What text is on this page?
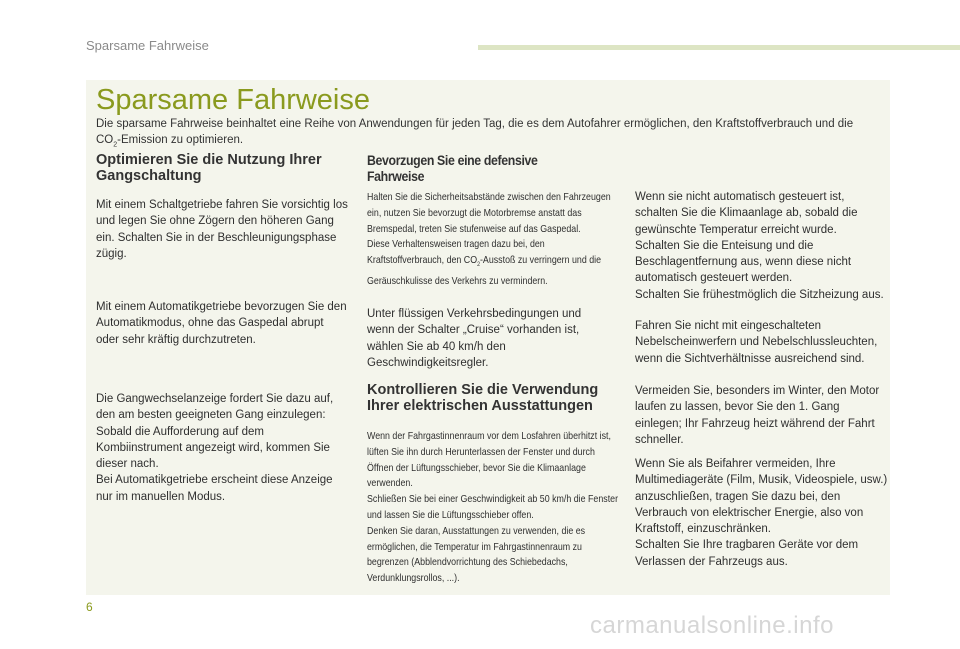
Sparsame Fahrweise
Sparsame Fahrweise
Die sparsame Fahrweise beinhaltet eine Reihe von Anwendungen für jeden Tag, die es dem Autofahrer ermöglichen, den Kraftstoffverbrauch und die $CO_2$-Emission zu optimieren.
Optimieren Sie die Nutzung Ihrer Gangschaltung
Mit einem Schaltgetriebe fahren Sie vorsichtig los und legen Sie ohne Zögern den höheren Gang ein. Schalten Sie in der Beschleunigungsphase zügig.
Mit einem Automatikgetriebe bevorzugen Sie den Automatikmodus, ohne das Gaspedal abrupt oder sehr kräftig durchzutreten.
Die Gangwechselanzeige fordert Sie dazu auf, den am besten geeigneten Gang einzulegen: Sobald die Aufforderung auf dem Kombiinstrument angezeigt wird, kommen Sie dieser nach.
Bei Automatikgetriebe erscheint diese Anzeige nur im manuellen Modus.
Bevorzugen Sie eine defensive Fahrweise
Halten Sie die Sicherheitsabstände zwischen den Fahrzeugen ein, nutzen Sie bevorzugt die Motorbremse anstatt das Bremspedal, treten Sie stufenweise auf das Gaspedal.
Diese Verhaltensweisen tragen dazu bei, den Kraftstoffverbrauch, den $CO_2$-Ausstoß zu verringern und die Geräuschkulisse des Verkehrs zu vermindern.
Unter flüssigen Verkehrsbedingungen und wenn der Schalter „Cruise“ vorhanden ist, wählen Sie ab 40 km/h den Geschwindigkeitsregler.
Kontrollieren Sie die Verwendung Ihrer elektrischen Ausstattungen
Wenn der Fahrgastinnenraum vor dem Losfahren überhitzt ist, lüften Sie ihn durch Herunterlassen der Fenster und durch Öffnen der Lüftungsschieber, bevor Sie die Klimaanlage verwenden.
Schließen Sie bei einer Geschwindigkeit ab 50 km/h die Fenster und lassen Sie die Lüftungsschieber offen.
Denken Sie daran, Ausstattungen zu verwenden, die es ermöglichen, die Temperatur im Fahrgastinnenraum zu begrenzen (Abblendvorrichtung des Schiebedachs, Verdunklungsrollos, ...).
Wenn sie nicht automatisch gesteuert ist, schalten Sie die Klimaanlage ab, sobald die gewünschte Temperatur erreicht wurde.
Schalten Sie die Enteisung und die Beschlagentfernung aus, wenn diese nicht automatisch gesteuert werden.
Schalten Sie frühestmöglich die Sitzheizung aus.
Fahren Sie nicht mit eingeschalteten Nebelscheinwerfern und Nebelschlussleuchten, wenn die Sichtverhältnisse ausreichend sind.
Vermeiden Sie, besonders im Winter, den Motor laufen zu lassen, bevor Sie den 1. Gang einlegen; Ihr Fahrzeug heizt während der Fahrt schneller.
Wenn Sie als Beifahrer vermeiden, Ihre Multimediageräte (Film, Musik, Videospiele, usw.) anzuschließen, tragen Sie dazu bei, den Verbrauch von elektrischer Energie, also von Kraftstoff, einzuschränken.
Schalten Sie Ihre tragbaren Geräte vor dem Verlassen der Fahrzeugs aus.
6
carmanualsonline.info
